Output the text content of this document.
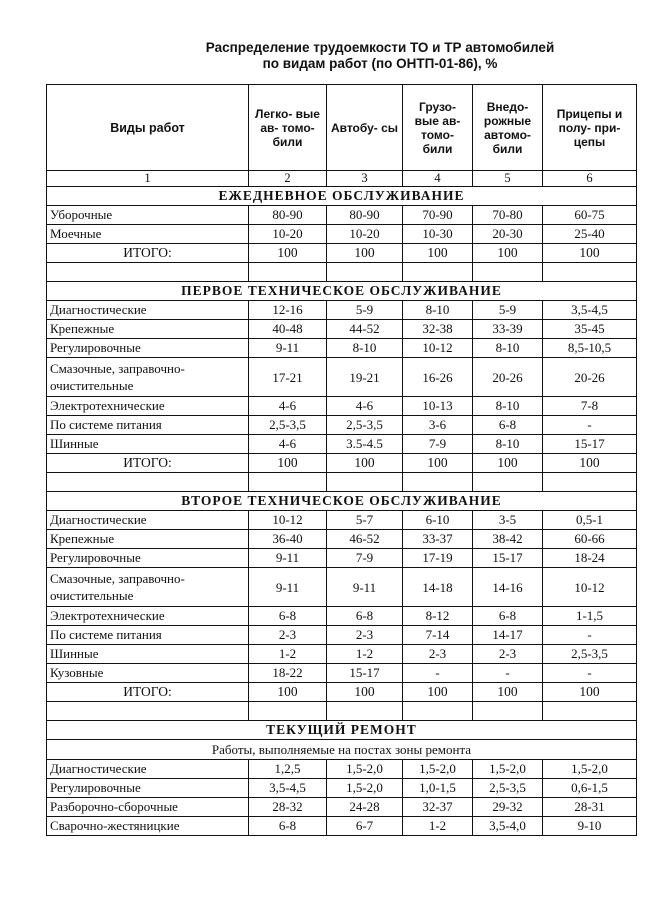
Распределение трудоемкости ТО и ТР автомобилей
по видам работ (по ОНТП-01-86), %
Виды работ	Легко- вые ав- томо- били	Автобу- сы	Грузо- вые ав- томо- били	Внедо- рожные автомо- били	Прицепы и полу- при-цепы
1	2	3	4	5	6
ЕЖЕДНЕВНОЕ ОБСЛУЖИВАНИЕ					
Уборочные	80-90	80-90	70-90	70-80	60-75
Моечные	10-20	10-20	10-30	20-30	25-40
ИТОГО:	100	100	100	100	100

ПЕРВОЕ ТЕХНИЧЕСКОЕ ОБСЛУЖИВАНИЕ					
Диагностические	12-16	5-9	8-10	5-9	3,5-4,5
Крепежные	40-48	44-52	32-38	33-39	35-45
Регулировочные	9-11	8-10	10-12	8-10	8,5-10,5
Смазочные, заправочно-очистительные	17-21	19-21	16-26	20-26	20-26
Электротехнические	4-6	4-6	10-13	8-10	7-8
По системе питания	2,5-3,5	2,5-3,5	3-6	6-8	-
Шинные	4-6	3.5-4.5	7-9	8-10	15-17
ИТОГО:	100	100	100	100	100

ВТОРОЕ ТЕХНИЧЕСКОЕ ОБСЛУЖИВАНИЕ					
Диагностические	10-12	5-7	6-10	3-5	0,5-1
Крепежные	36-40	46-52	33-37	38-42	60-66
Регулировочные	9-11	7-9	17-19	15-17	18-24
Смазочные, заправочно-очистительные	9-11	9-11	14-18	14-16	10-12
Электротехнические	6-8	6-8	8-12	6-8	1-1,5
По системе питания	2-3	2-3	7-14	14-17	-
Шинные	1-2	1-2	2-3	2-3	2,5-3,5
Кузовные	18-22	15-17	-	-	-
ИТОГО:	100	100	100	100	100

ТЕКУЩИЙ РЕМОНТ					
Работы, выполняемые на постах зоны ремонта					
Диагностические	1,2,5	1,5-2,0	1,5-2,0	1,5-2,0	1,5-2,0
Регулировочные	3,5-4,5	1,5-2,0	1,0-1,5	2,5-3,5	0,6-1,5
Разборочно-сборочные	28-32	24-28	32-37	29-32	28-31
Сварочно-жестяницкие	6-8	6-7	1-2	3,5-4,0	9-10
